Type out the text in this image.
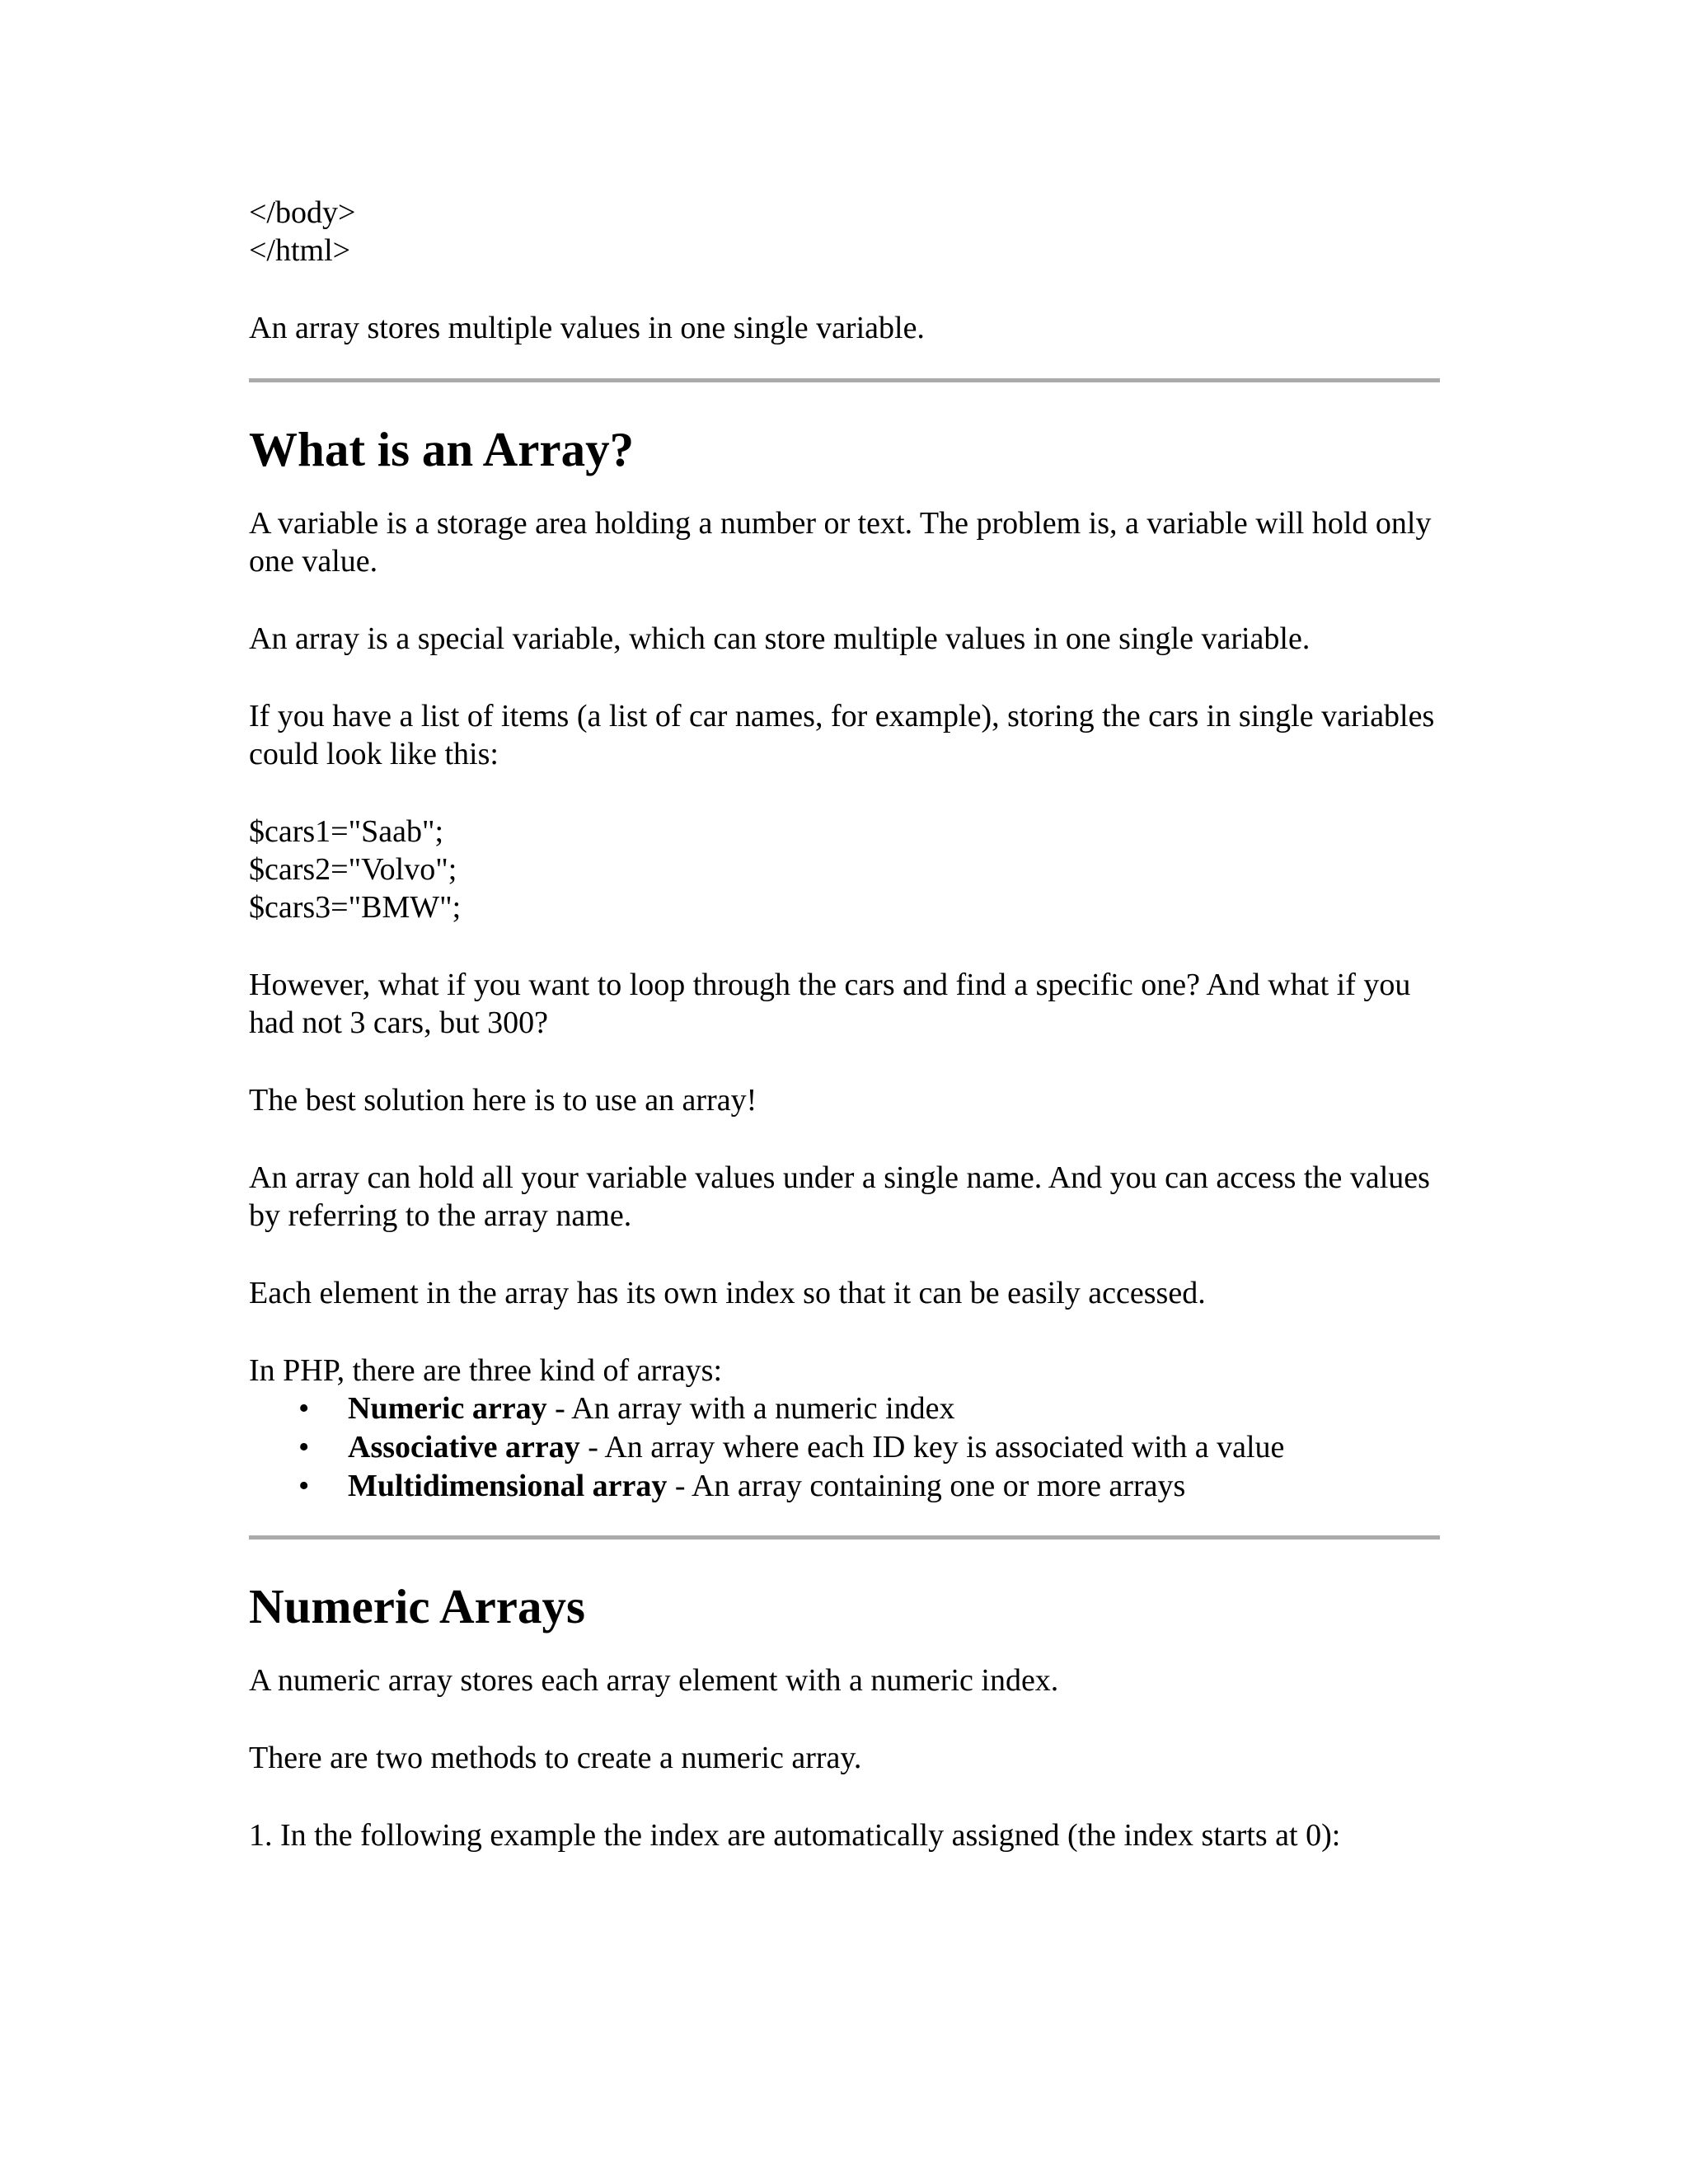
</body>
</html>

An array stores multiple values in one single variable.

What is an Array?

A variable is a storage area holding a number or text. The problem is, a variable will hold only one value.

An array is a special variable, which can store multiple values in one single variable.

If you have a list of items (a list of car names, for example), storing the cars in single variables could look like this:

$cars1="Saab";
$cars2="Volvo";
$cars3="BMW";

However, what if you want to loop through the cars and find a specific one? And what if you had not 3 cars, but 300?

The best solution here is to use an array!

An array can hold all your variable values under a single name. And you can access the values by referring to the array name.

Each element in the array has its own index so that it can be easily accessed.

In PHP, there are three kind of arrays:

• Numeric array - An array with a numeric index
• Associative array - An array where each ID key is associated with a value
• Multidimensional array - An array containing one or more arrays
Numeric Arrays

A numeric array stores each array element with a numeric index.

There are two methods to create a numeric array.

1. In the following example the index are automatically assigned (the index starts at 0):
